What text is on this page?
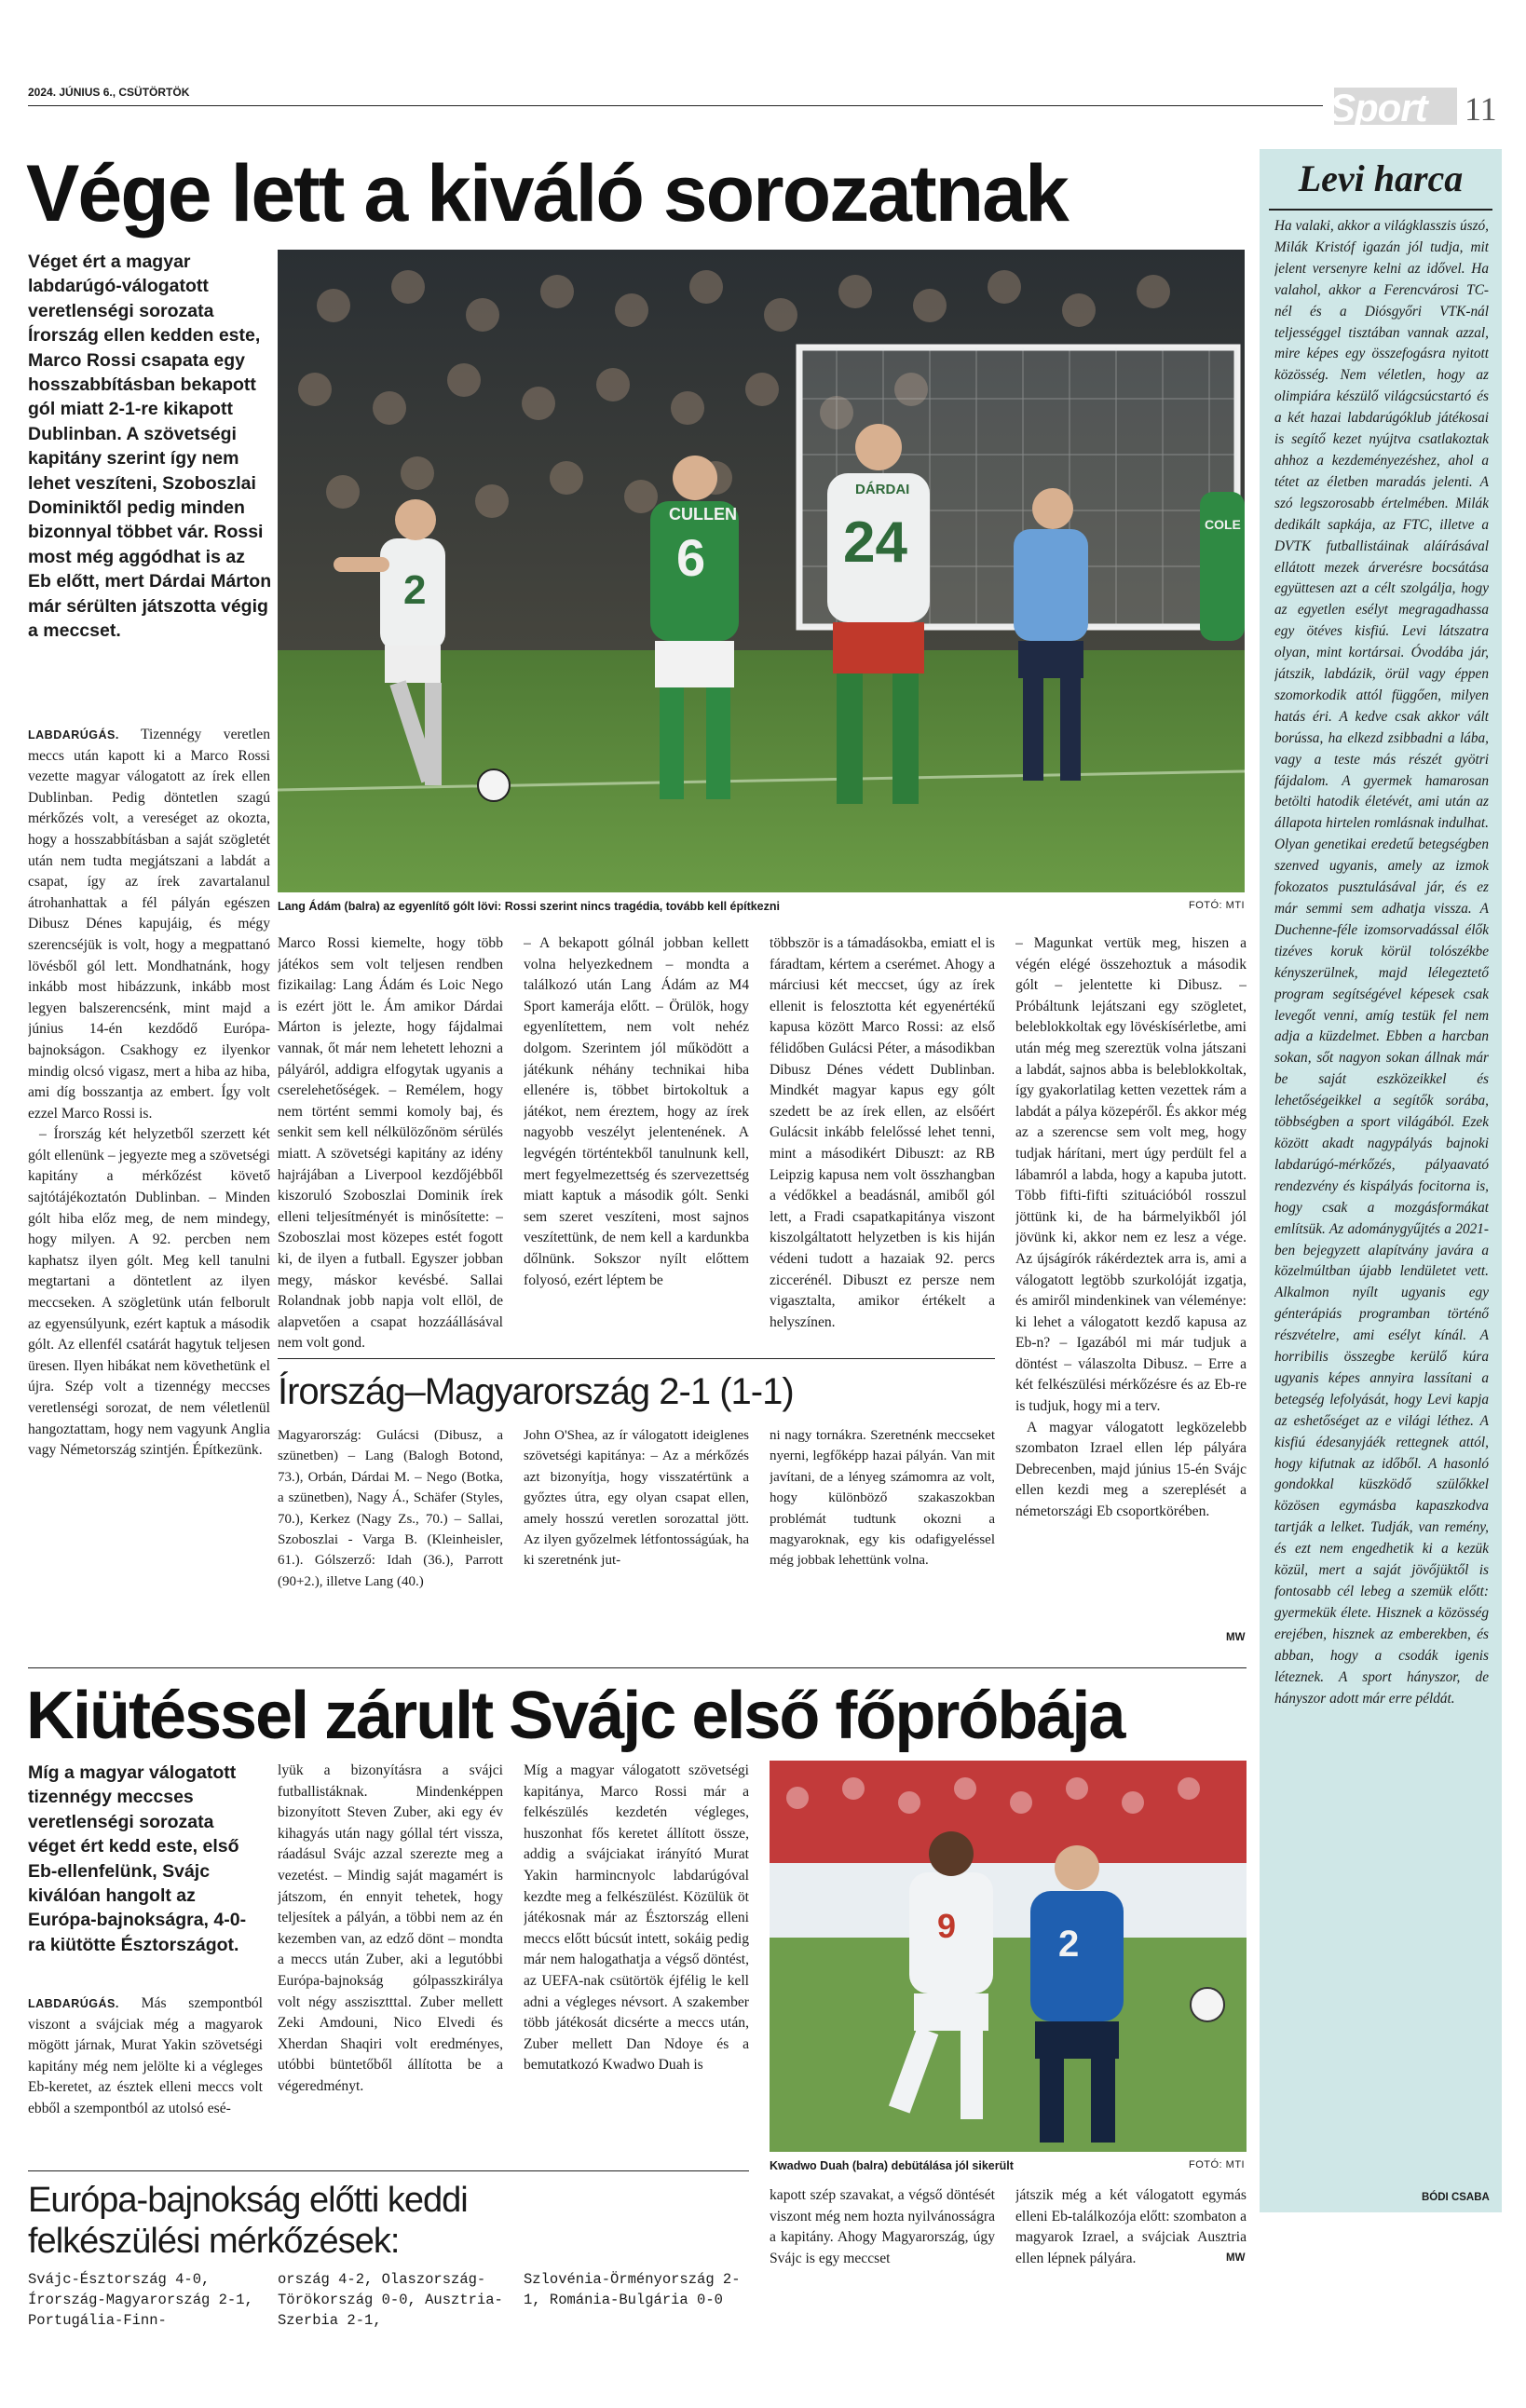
2024. JÚNIUS 6., CSÜTÖRTÖK	Sport 11
Vége lett a kiváló sorozatnak
Véget ért a magyar labdarúgó-válogatott veretlenségi sorozata Írország ellen kedden este, Marco Rossi csapata egy hosszabbításban bekapott gól miatt 2-1-re kikapott Dublinban. A szövetségi kapitány szerint így nem lehet veszíteni, Szoboszlai Dominiktől pedig minden bizonnyal többet vár. Rossi most még aggódhat is az Eb előtt, mert Dárdai Márton már sérülten játszotta végig a meccset.

LABDARÚGÁS. Tizennégy veretlen meccs után kapott ki a Marco Rossi vezette magyar válogatott az írek ellen Dublinban. Pedig döntetlen szagú mérkőzés volt, a vereséget az okozta, hogy a hosszabbításban a saját szögletét után nem tudta megjátszani a labdát a csapat, így az írek zavartalanul átrohanhattak a fél pályán egészen Dibusz Dénes kapujáig, és mégy szerencséjük is volt, hogy a megpattanó lövésből gól lett. Mondhatnánk, hogy inkább most hibázzunk, inkább most legyen balszerencsénk, mint majd a június 14-én kezdődő Európa-bajnokságon. Csakhogy ez ilyenkor mindig olcsó vigasz, mert a hiba az hiba, ami díg bosszantja az embert. Így volt ezzel Marco Rossi is.

– Írország két helyzetből szerzett két gólt ellenünk – jegyezte meg a szövetségi kapitány a mérkőzést követő sajtótájékoztatón Dublinban. – Minden gólt hiba előz meg, de nem mindegy, hogy milyen. A 92. percben nem kaphatsz ilyen gólt. Meg kell tanulni megtartani a döntetlent az ilyen meccseken. A szögletünk után felborult az egyensúlyunk, ezért kaptuk a második gólt. Az ellenfél csatárát hagytuk teljesen üresen. Ilyen hibákat nem követhetünk el újra. Szép volt a tizennégy meccses veretlenségi sorozat, de nem véletlenül hangoztattam, hogy nem vagyunk Anglia vagy Németország szintjén. Építkezünk.

2
CULLEN
6
DÁRDAI
24	COLE
Lang Ádám (balra) az egyenlítő gólt lövi: Rossi szerint nincs tragédia, tovább kell építkezni	FOTÓ: MTI

Marco Rossi kiemelte, hogy több játékos sem volt teljesen rendben fizikailag: Lang Ádám és Loic Nego is ezért jött le. Ám amikor Dárdai Márton is jelezte, hogy fájdalmai vannak, őt már nem lehetett lehozni a pályáról, addigra elfogytak ugyanis a cserelehetőségek. – Remélem, hogy nem történt semmi komoly baj, és senkit sem kell nélkülözőnöm sérülés miatt. A szövetségi kapitány az idény hajrájában a Liverpool kezdőjébből kiszoruló Szoboszlai Dominik írek elleni teljesítményét is minősítette: – Szoboszlai most közepes estét fogott ki, de ilyen a futball. Egyszer jobban megy, máskor kevésbé. Sallai Rolandnak jobb napja volt ellöl, de alapvetően a csapat hozzáállásával nem volt gond.

– A bekapott gólnál jobban kellett volna helyezkednem – mondta a találkozó után Lang Ádám az M4 Sport kamerája előtt. – Örülök, hogy egyenlítettem, nem volt nehéz dolgom. Szerintem jól működött a játékunk néhány technikai hiba ellenére is, többet birtokoltuk a játékot, nem éreztem, hogy az írek nagyobb veszélyt jelentenének. A legvégén történtekből tanulnunk kell, mert fegyelmezettség és szervezettség miatt kaptuk a második gólt. Senki sem szeret veszíteni, most sajnos veszítettünk, de nem kell a kardunkba dőlnünk. Sokszor nyílt előttem folyosó, ezért léptem be

többször is a támadásokba, emiatt el is fáradtam, kértem a cserémet. Ahogy a márciusi két meccset, úgy az írek ellenit is felosztotta két egyenértékű kapusa között Marco Rossi: az első félidőben Gulácsi Péter, a másodikban Dibusz Dénes védett Dublinban. Mindkét magyar kapus egy gólt szedett be az írek ellen, az elsőért Gulácsit inkább felelőssé lehet tenni, mint a másodikért Dibuszt: az RB Leipzig kapusa nem volt összhangban a védőkkel a beadásnál, amiből gól lett, a Fradi csapatkapitánya viszont kiszolgáltatott helyzetben is kis hiján védeni tudott a hazaiak 92. percs ziccerénél. Dibuszt ez persze nem vigasztalta, amikor értékelt a helyszínen.

– Magunkat vertük meg, hiszen a végén elégé összehoztuk a második gólt – jelentette ki Dibusz. – Próbáltunk lejátszani egy szögletet, beleblokkoltak egy lövéskísérletbe, ami után még meg szereztük volna játszani a labdát, sajnos abba is beleblokkoltak, így gyakorlatilag ketten vezettek rám a labdát a pálya közepéről. És akkor még az a szerencse sem volt meg, hogy tudjak hárítani, mert úgy perdült fel a lábamról a labda, hogy a kapuba jutott. Több fifti-fifti szituációból rosszul jöttünk ki, de ha bármelyikből jól jövünk ki, akkor nem ez lesz a vége. Az újságírók rákérdeztek arra is, ami a válogatott legtöbb szurkolóját izgatja, és amiről mindenkinek van véleménye: ki lehet a válogatott kezdő kapusa az Eb-n? – Igazából mi már tudjuk a döntést – válaszolta Dibusz. – Erre a két felkészülési mérkőzésre és az Eb-re is tudjuk, hogy mi a terv.

A magyar válogatott legközelebb szombaton Izrael ellen lép pályára Debrecenben, majd június 15-én Svájc ellen kezdi meg a szereplését a németországi Eb csoportkörében.

MW
Írország–Magyarország 2-1 (1-1)

Magyarország: Gulácsi (Dibusz, a szünetben) – Lang (Balogh Botond, 73.), Orbán, Dárdai M. – Nego (Botka, a szünetben), Nagy Á., Schäfer (Styles, 70.), Kerkez (Nagy Zs., 70.) – Sallai, Szoboszlai - Varga B. (Kleinheisler, 61.). Gólszerző: Idah (36.), Parrott (90+2.), illetve Lang (40.)

John O'Shea, az ír válogatott ideiglenes szövetségi kapitánya: – Az a mérkőzés azt bizonyítja, hogy visszatértünk a győztes útra, egy olyan csapat ellen, amely hosszú veretlen sorozattal jött. Az ilyen győzelmek létfontosságúak, ha ki szeretnénk jut-

ni nagy tornákra. Szeretnénk meccseket nyerni, legfőképp hazai pályán. Van mit javítani, de a lényeg számomra az volt, hogy különböző szakaszokban problémát tudtunk okozni a magyaroknak, egy kis odafigyeléssel még jobbak lehettünk volna.

Levi harca

Ha valaki, akkor a világklasszis úszó, Milák Kristóf igazán jól tudja, mit jelent versenyre kelni az idővel. Ha valahol, akkor a Ferencvárosi TC-nél és a Diósgyőri VTK-nál teljességgel tisztában vannak azzal, mire képes egy összefogásra nyitott közösség. Nem véletlen, hogy az olimpiára készülő világcsúcstartó és a két hazai labdarúgóklub játékosai is segítő kezet nyújtva csatlakoztak ahhoz a kezdeményezéshez, ahol a tétet az életben maradás jelenti. A szó legszorosabb értelmében. Milák dedikált sapkája, az FTC, illetve a DVTK futballistáinak aláírásával ellátott mezek árverésre bocsátása együttesen azt a célt szolgálja, hogy az egyetlen esélyt megragadhassa egy ötéves kisfiú. Levi látszatra olyan, mint kortársai. Óvodába jár, játszik, labdázik, örül vagy éppen szomorkodik attól függően, milyen hatás éri. A kedve csak akkor vált borússa, ha elkezd zsibbadni a lába, vagy a teste más részét gyötri fájdalom. A gyermek hamarosan betölti hatodik életévét, ami után az állapota hirtelen romlásnak indulhat. Olyan genetikai eredetű betegségben szenved ugyanis, amely az izmok fokozatos pusztulásával jár, és ez már semmi sem adhatja vissza. A Duchenne-féle izomsorvadással élők tizéves koruk körül tolószékbe kényszerülnek, majd lélegeztető program segítségével képesek csak levegőt venni, amíg testük fel nem adja a küzdelmet. Ebben a harcban sokan, sőt nagyon sokan állnak már be saját eszközeikkel és lehetőségeikkel a segítők sorába, többségben a sport világából. Ezek között akadt nagypályás bajnoki labdarúgó-mérkőzés, pályaavató rendezvény és kispályás focitorna is, hogy csak a mozgásformákat említsük. Az adománygyűjtés a 2021-ben bejegyzett alapítvány javára a közelmúltban újabb lendületet vett. Alkalmon nyílt ugyanis egy génterápiás programban történő részvételre, ami esélyt kínál. A horribilis összegbe kerülő kúra ugyanis képes annyira lassítani a betegség lefolyását, hogy Levi kapja az eshetőséget az e világi léthez. A kisfiú édesanyjáék rettegnek attól, hogy kifutnak az időből. A hasonló gondokkal küszködő szülőkkel közösen egymásba kapaszkodva tartják a lelket. Tudják, van remény, és ezt nem engedhetik ki a kezük közül, mert a saját jövőjüktől is fontosabb cél lebeg a szemük előtt: gyermekük élete. Hisznek a közösség erejében, hisznek az emberekben, és abban, hogy a csodák igenis léteznek. A sport hányszor, de hányszor adott már erre példát.

BÓDI CSABA
Kiütéssel zárult Svájc első főpróbája
Míg a magyar válogatott tizennégy meccses veretlenségi sorozata véget ért kedd este, első Eb-ellenfelünk, Svájc kiválóan hangolt az Európa-bajnokságra, 4-0-ra kiütötte Észtországot.

LABDARÚGÁS. Más szempontból viszont a svájciak még a magyarok mögött járnak, Murat Yakin szövetségi kapitány még nem jelölte ki a végleges Eb-keretet, az észtek elleni meccs volt ebből a szempontból az utolsó esé-

lyük a bizonyításra a svájci futballistáknak. Mindenképpen bizonyított Steven Zuber, aki egy év kihagyás után nagy góllal tért vissza, ráadásul Svájc azzal szerezte meg a vezetést. – Mindig saját magamért is játszom, én ennyit tehetek, hogy teljesítek a pályán, a többi nem az én kezemben van, az edző dönt – mondta a meccs után Zuber, aki a legutóbbi Európa-bajnokság gólpasszkirálya volt négy asszisztttal. Zuber mellett Zeki Amdouni, Nico Elvedi és Xherdan Shaqiri volt eredményes, utóbbi büntetőből állította be a végeredményt.

Míg a magyar válogatott szövetségi kapitánya, Marco Rossi már a felkészülés kezdetén végleges, huszonhat fős keretet állított össze, addig a svájciakat irányító Murat Yakin harmincnyolc labdarúgóval kezdte meg a felkészülést. Közülük öt játékosnak már az Észtország elleni meccs előtt búcsút intett, sokáig pedig már nem halogathatja a végső döntést, az UEFA-nak csütörtök éjfélig le kell adni a végleges névsort. A szakember több játékosát dicsérte a meccs után, Zuber mellett Dan Ndoye és a bemutatkozó Kwadwo Duah is

9	2
Kwadwo Duah (balra) debütálása jól sikerült	FOTÓ: MTI

kapott szép szavakat, a végső döntését viszont még nem hozta nyilvánosságra a kapitány. Ahogy Magyarország, úgy Svájc is egy meccset

játszik még a két válogatott egymás elleni Eb-találkozója előtt: szombaton a magyarok Izrael, a svájciak Ausztria ellen lépnek pályára.	MW
Európa-bajnokság előtti keddi felkészülési mérkőzések:
Svájc-Észtország 4-0, Írország-Magyarország 2-1, Portugália-Finn-
ország 4-2, Olaszország-Törökország 0-0, Ausztria-Szerbia 2-1,
Szlovénia-Örményország 2-1, Románia-Bulgária 0-0
